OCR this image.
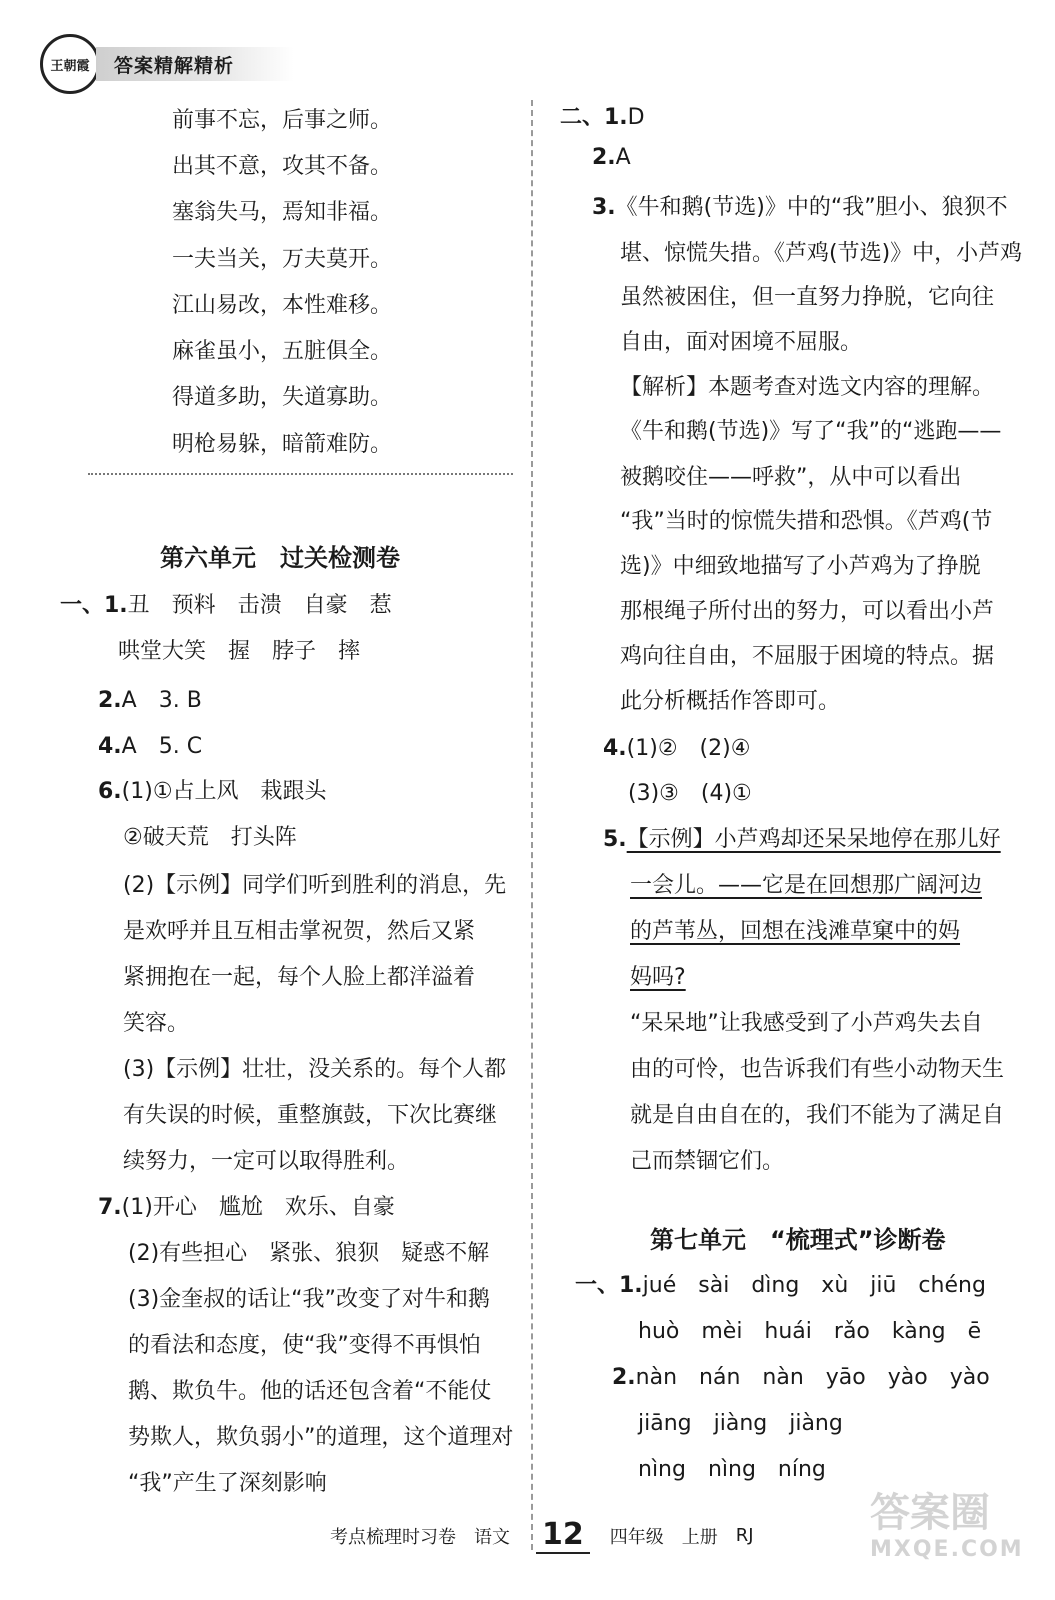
王朝霞	答案精解精析
前事不忘，后事之师。
出其不意，攻其不备。
塞翁失马，焉知非福。
一夫当关，万夫莫开。
江山易改，本性难移。
麻雀虽小，五脏俱全。
得道多助，失道寡助。
明枪易躲，暗箭难防。
第六单元　过关检测卷
一、1.丑　预料　击溃　自豪　惹
哄堂大笑　握　脖子　摔
2.A　3. B
4.A　5. C
6.(1)①占上风　栽跟头
②破天荒　打头阵
(2)【示例】同学们听到胜利的消息，先
是欢呼并且互相击掌祝贺，然后又紧
紧拥抱在一起，每个人脸上都洋溢着
笑容。
(3)【示例】壮壮，没关系的。每个人都
有失误的时候，重整旗鼓，下次比赛继
续努力，一定可以取得胜利。
7.(1)开心　尴尬　欢乐、自豪
(2)有些担心　紧张、狼狈　疑惑不解
(3)金奎叔的话让“我”改变了对牛和鹅
的看法和态度，使“我”变得不再惧怕
鹅、欺负牛。他的话还包含着“不能仗
势欺人，欺负弱小”的道理，这个道理对
“我”产生了深刻影响
二、1.D
2.A
3.《牛和鹅(节选)》中的“我”胆小、狼狈不
堪、惊慌失措。《芦鸡(节选)》中，小芦鸡
虽然被困住，但一直努力挣脱，它向往
自由，面对困境不屈服。
【解析】本题考查对选文内容的理解。
《牛和鹅(节选)》写了“我”的“逃跑——
被鹅咬住——呼救”，从中可以看出
“我”当时的惊慌失措和恐惧。《芦鸡(节
选)》中细致地描写了小芦鸡为了挣脱
那根绳子所付出的努力，可以看出小芦
鸡向往自由，不屈服于困境的特点。据
此分析概括作答即可。
4.(1)②　(2)④
(3)③　(4)①
5.【示例】小芦鸡却还呆呆地停在那儿好
一会儿。——它是在回想那广阔河边
的芦苇丛，回想在浅滩草窠中的妈
妈吗?
“呆呆地”让我感受到了小芦鸡失去自
由的可怜，也告诉我们有些小动物天生
就是自由自在的，我们不能为了满足自
己而禁锢它们。
第七单元　“梳理式”诊断卷
一、1.jué　sài　dìng　xù　jiū　chéng
huò　mèi　huái　rǎo　kàng　ē
2.nàn　nán　nàn　yāo　yào　yào
jiāng　jiàng　jiàng
nìng　nìng　níng
考点梳理时习卷 语文 12	四年级 上册 RJ	答案圈
MXQE.COM
